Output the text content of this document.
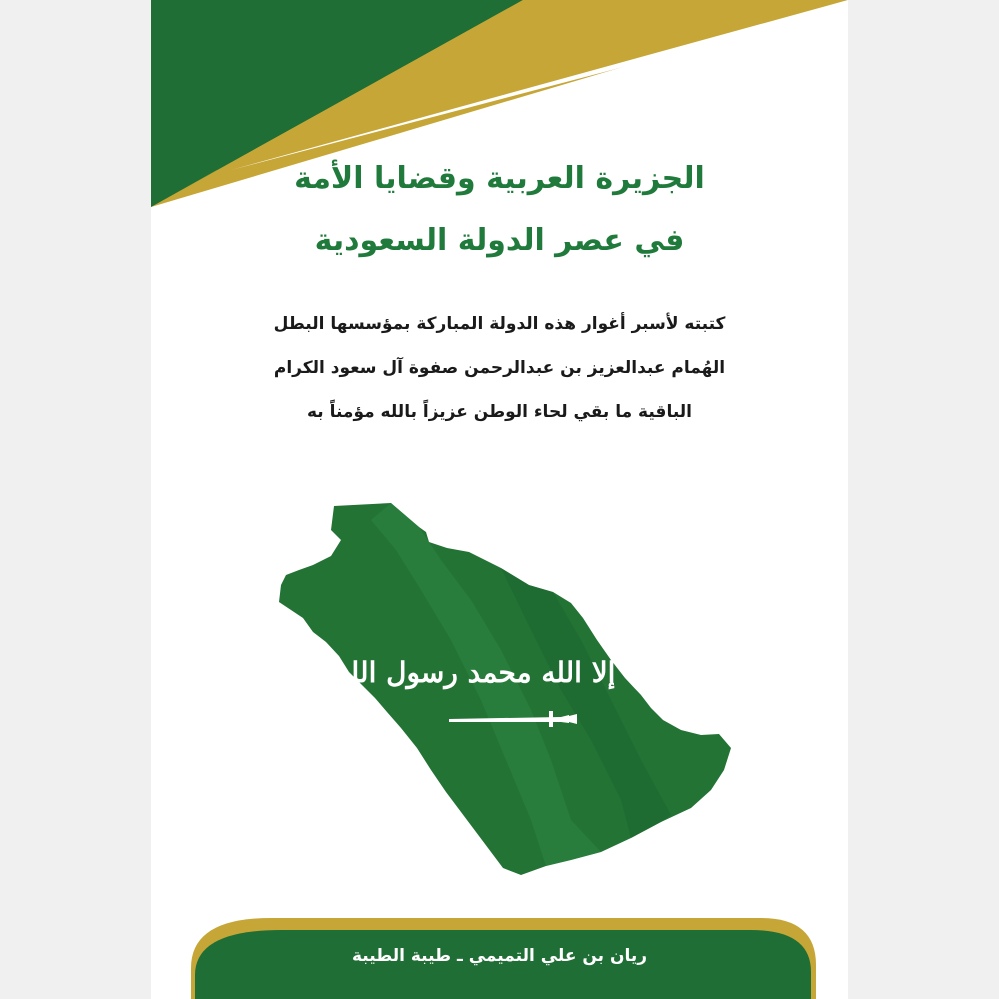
لا إله إلا الله محمد رسول الله

الجزيرة العربية وقضايا الأمة

في عصر الدولة السعودية

كتبته لأسبر أغوار هذه الدولة المباركة بمؤسسها البطل

الهُمام عبدالعزيز بن عبدالرحمن صفوة آل سعود الكرام

الباقية ما بقي لحاء الوطن عزيزاً بالله مؤمناً به

ريان بن علي التميمي ـ طيبة الطيبة
